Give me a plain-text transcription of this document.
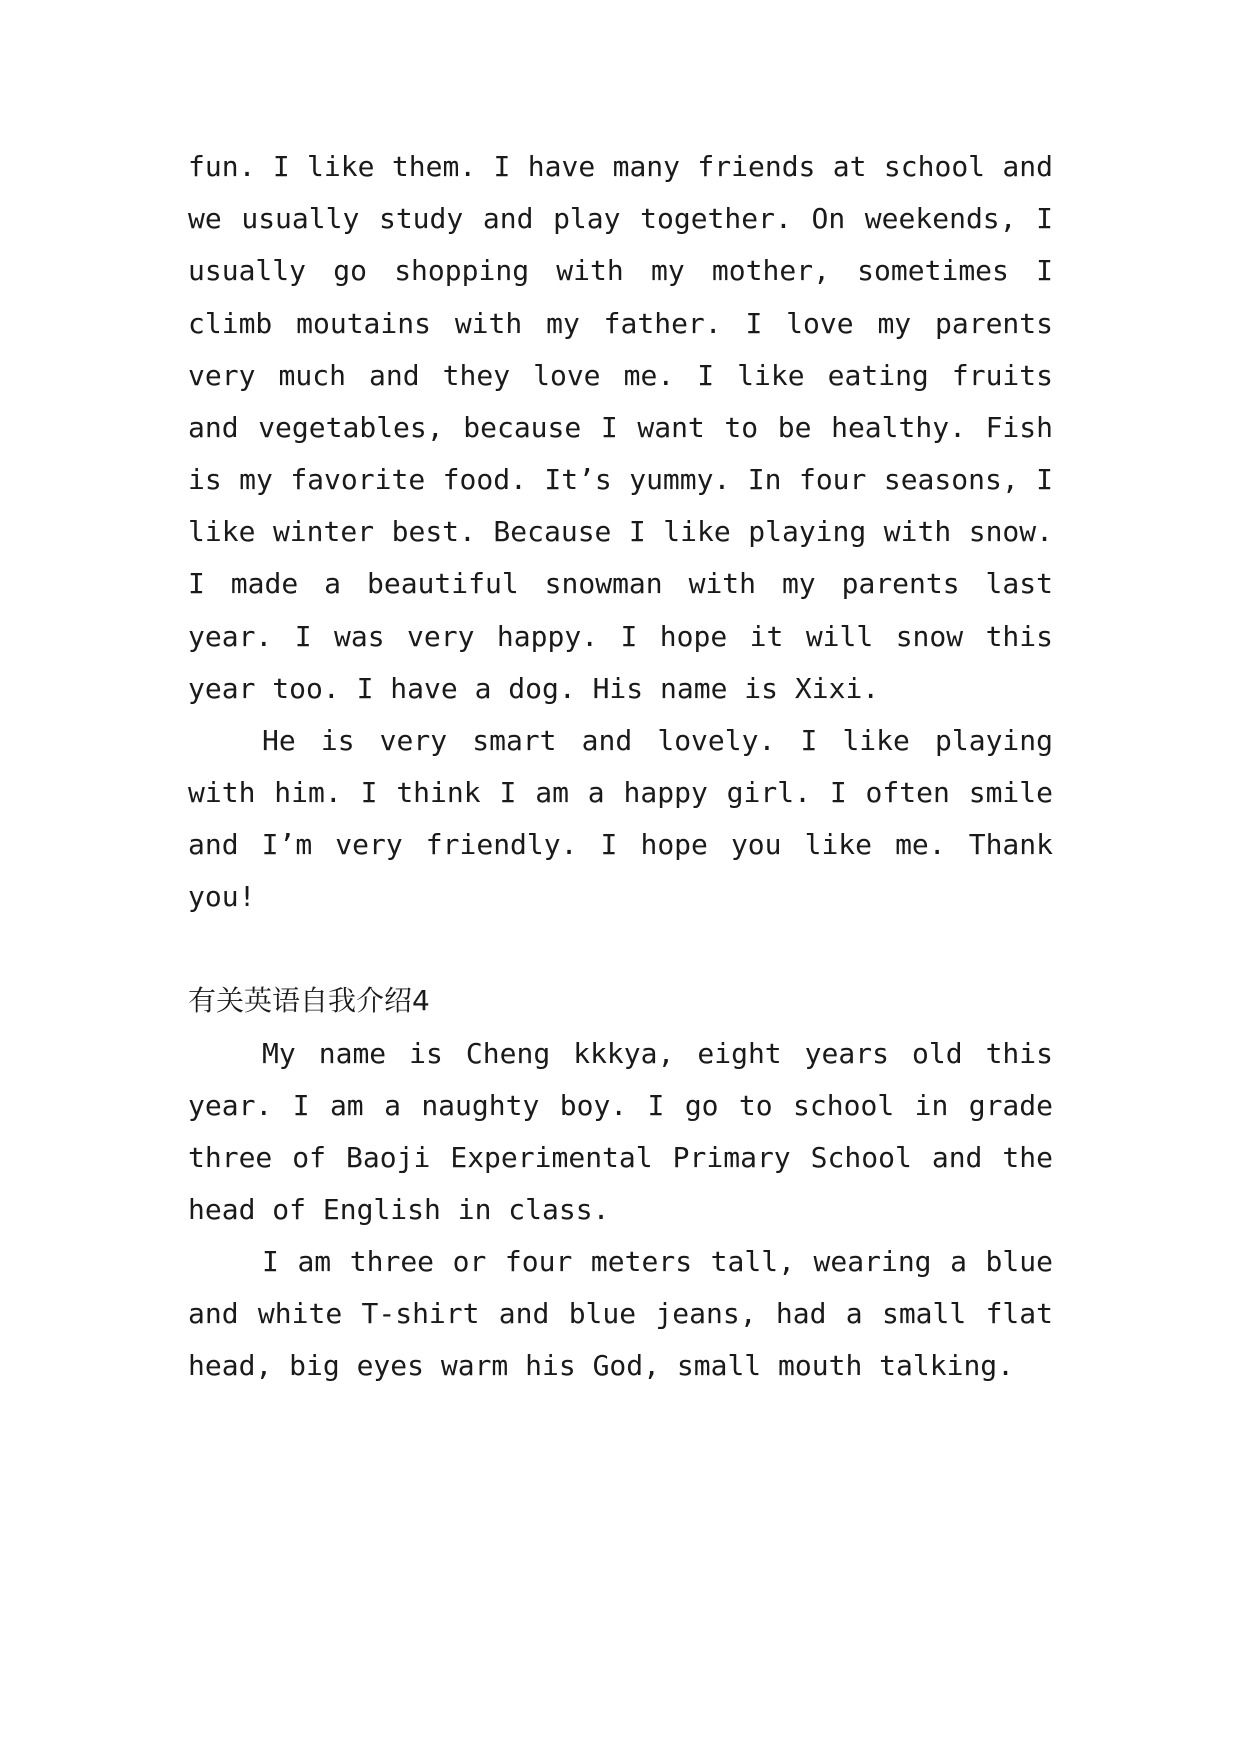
fun. I like them. I have many friends at school and
we usually study and play together. On weekends, I
usually go shopping with my mother, sometimes I
climb moutains with my father. I love my parents
very much and they love me. I like eating fruits
and vegetables, because I want to be healthy. Fish
is my favorite food. It’s yummy. In four seasons, I
like winter best. Because I like playing with snow.
I made a beautiful snowman with my parents last
year. I was very happy. I hope it will snow this
year too. I have a dog. His name is Xixi.
He is very smart and lovely. I like playing
with him. I think I am a happy girl. I often smile
and I’m very friendly. I hope you like me. Thank
you!
有关英语自我介绍4
My name is Cheng kkkya, eight years old this
year. I am a naughty boy. I go to school in grade
three of Baoji Experimental Primary School and the
head of English in class.
I am three or four meters tall, wearing a blue
and white T-shirt and blue jeans, had a small flat
head, big eyes warm his God, small mouth talking.
